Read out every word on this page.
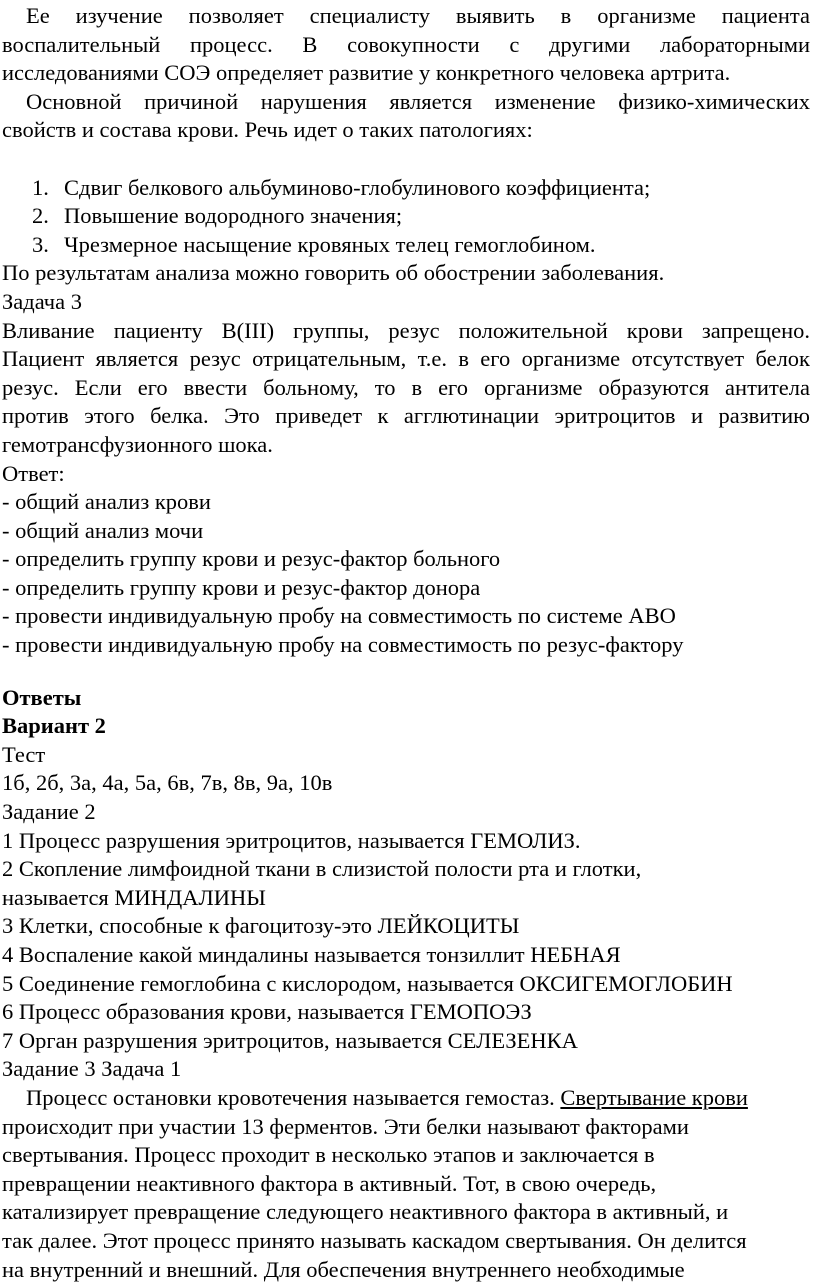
Ее изучение позволяет специалисту выявить в организме пациента
воспалительный процесс. В совокупности с другими лабораторными
исследованиями СОЭ определяет развитие у конкретного человека артрита.
Основной причиной нарушения является изменение физико-химических
свойств и состава крови. Речь идет о таких патологиях:
1. Сдвиг белкового альбуминово-глобулинового коэффициента;
2. Повышение водородного значения;
3. Чрезмерное насыщение кровяных телец гемоглобином.
По результатам анализа можно говорить об обострении заболевания.
Задача 3
Вливание пациенту В(III) группы, резус положительной крови запрещено.
Пациент является резус отрицательным, т.е. в его организме отсутствует белок
резус. Если его ввести больному, то в его организме образуются антитела
против этого белка. Это приведет к агглютинации эритроцитов и развитию
гемотрансфузионного шока.
Ответ:
- общий анализ крови
- общий анализ мочи
- определить группу крови и резус-фактор больного
- определить группу крови и резус-фактор донора
- провести индивидуальную пробу на совместимость по системе АВО
- провести индивидуальную пробу на совместимость по резус-фактору
Ответы
Вариант 2
Тест
1б, 2б, 3а, 4а, 5а, 6в, 7в, 8в, 9а, 10в
Задание 2
1 Процесс разрушения эритроцитов, называется ГЕМОЛИЗ.
2 Скопление лимфоидной ткани в слизистой полости рта и глотки,
называется МИНДАЛИНЫ
3 Клетки, способные к фагоцитозу-это ЛЕЙКОЦИТЫ
4 Воспаление какой миндалины называется тонзиллит НЕБНАЯ
5 Соединение гемоглобина с кислородом, называется ОКСИГЕМОГЛОБИН
6 Процесс образования крови, называется ГЕМОПОЭЗ
7 Орган разрушения эритроцитов, называется СЕЛЕЗЕНКА
Задание 3 Задача 1
Процесс остановки кровотечения называется гемостаз. Свертывание крови
происходит при участии 13 ферментов. Эти белки называют факторами
свертывания. Процесс проходит в несколько этапов и заключается в
превращении неактивного фактора в активный. Тот, в свою очередь,
катализирует превращение следующего неактивного фактора в активный, и
так далее. Этот процесс принято называть каскадом свертывания. Он делится
на внутренний и внешний. Для обеспечения внутреннего необходимые
